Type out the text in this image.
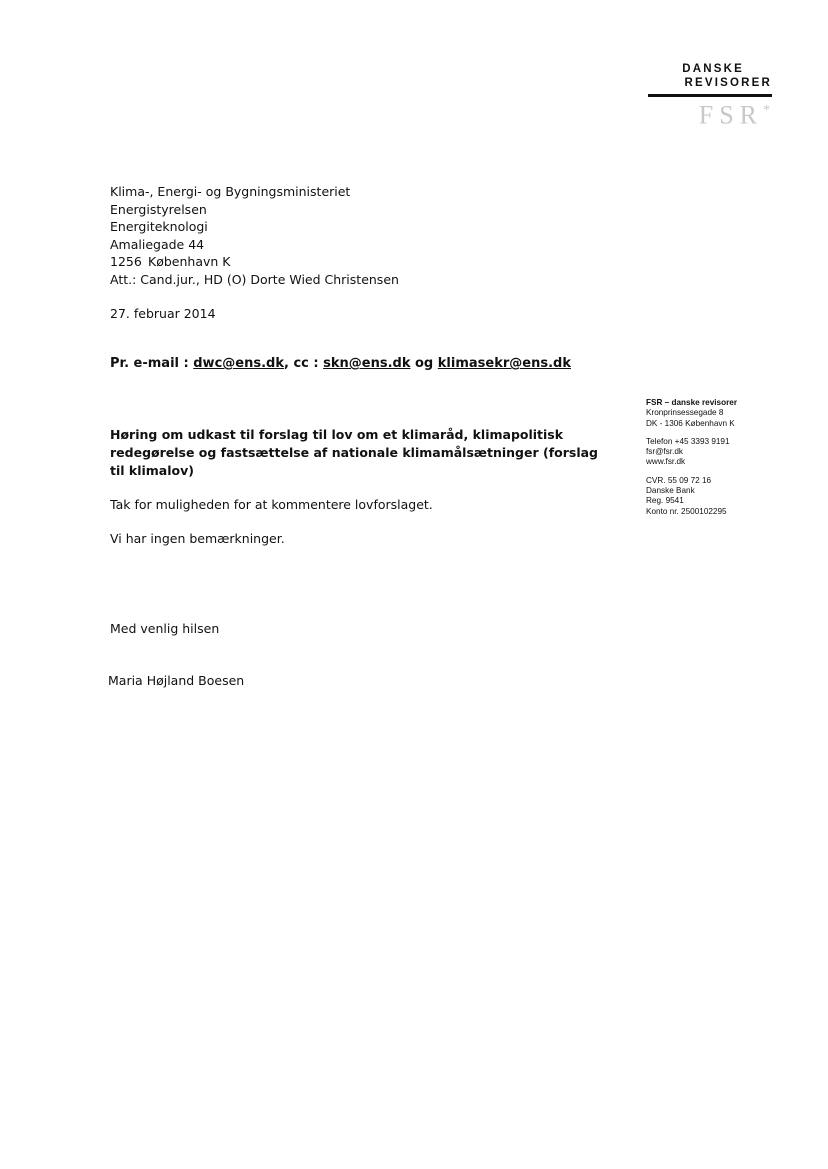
DANSKE
REVISORER
FSR*
Klima-, Energi- og Bygningsministeriet
Energistyrelsen
Energiteknologi
Amaliegade 44
1256 København K
Att.: Cand.jur., HD (O) Dorte Wied Christensen
27. februar 2014
Pr. e-mail : dwc@ens.dk, cc : skn@ens.dk og klimasekr@ens.dk
FSR – danske revisorer
Kronprinsessegade 8
DK - 1306 København K
Telefon +45 3393 9191
fsr@fsr.dk
www.fsr.dk
CVR. 55 09 72 16
Danske Bank
Reg. 9541
Konto nr. 2500102295
Høring om udkast til forslag til lov om et klimaråd, klimapolitisk redegørelse og fastsættelse af nationale klimamålsætninger (forslag til klimalov)
Tak for muligheden for at kommentere lovforslaget.
Vi har ingen bemærkninger.
Med venlig hilsen
Maria Højland Boesen
